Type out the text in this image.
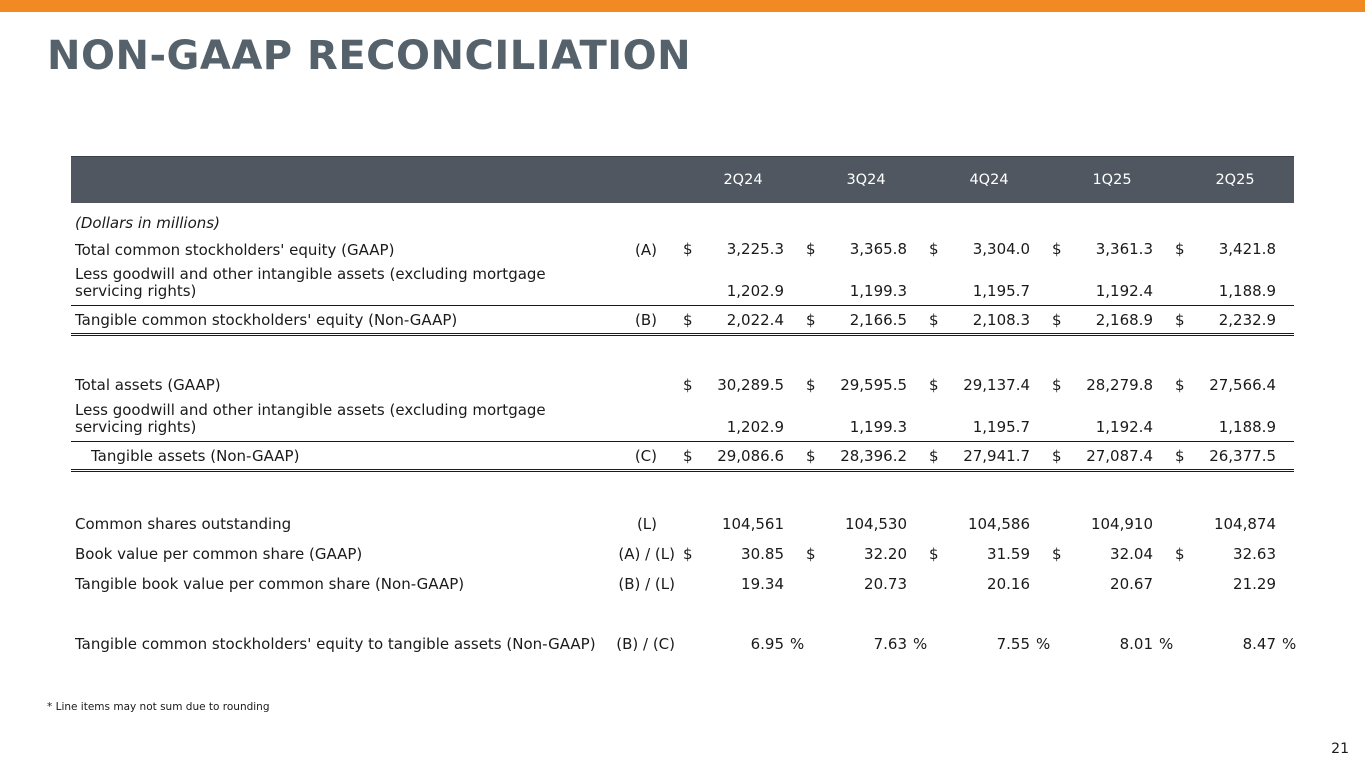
NON-GAAP RECONCILIATION
2Q24	3Q24	4Q24	1Q25	2Q25
(Dollars in millions)
Total common stockholders' equity (GAAP)	(A) $	3,225.3 $	3,365.8 $	3,304.0 $	3,361.3 $	3,421.8
Less goodwill and other intangible assets (excluding mortgage
servicing rights)	1,202.9	1,199.3	1,195.7	1,192.4	1,188.9
Tangible common stockholders' equity (Non-GAAP)	(B) $	2,022.4 $	2,166.5 $	2,108.3 $	2,168.9 $	2,232.9
Total assets (GAAP)	$	30,289.5 $	29,595.5 $	29,137.4 $	28,279.8 $	27,566.4
Less goodwill and other intangible assets (excluding mortgage
servicing rights)	1,202.9	1,199.3	1,195.7	1,192.4	1,188.9
Tangible assets (Non-GAAP)	(C) $	29,086.6 $	28,396.2 $	27,941.7 $	27,087.4 $	26,377.5
Common shares outstanding	(L)	104,561	104,530	104,586	104,910	104,874
Book value per common share (GAAP)	(A) / (L) $	30.85 $	32.20 $	31.59 $	32.04 $	32.63
Tangible book value per common share (Non-GAAP)	(B) / (L)	19.34	20.73	20.16	20.67	21.29
Tangible common stockholders' equity to tangible assets (Non-GAAP)	(B) / (C)	6.95 %	7.63 %	7.55 %	8.01 %	8.47 %
* Line items may not sum due to rounding
21
